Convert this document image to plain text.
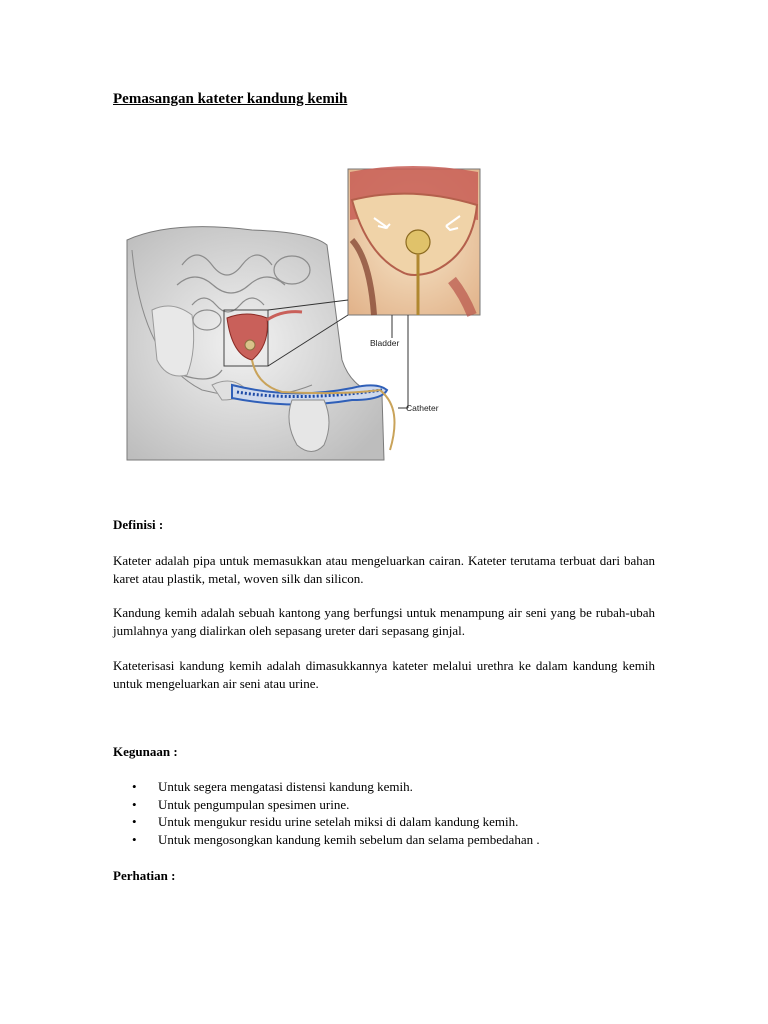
Pemasangan kateter kandung kemih
Bladder
Catheter
Definisi :

Kateter adalah pipa untuk memasukkan atau mengeluarkan cairan. Kateter terutama terbuat dari bahan karet atau plastik, metal, woven silk dan silicon.

Kandung kemih adalah sebuah kantong yang berfungsi untuk menampung air seni yang be rubah-ubah jumlahnya yang dialirkan oleh sepasang ureter dari sepasang ginjal.

Kateterisasi kandung kemih adalah dimasukkannya kateter melalui urethra ke dalam kandung kemih untuk mengeluarkan air seni atau urine.

Kegunaan :
• Untuk segera mengatasi distensi kandung kemih.
• Untuk pengumpulan spesimen urine.
• Untuk mengukur residu urine setelah miksi di dalam kandung kemih.
• Untuk mengosongkan kandung kemih sebelum dan selama pembedahan .
Perhatian :
